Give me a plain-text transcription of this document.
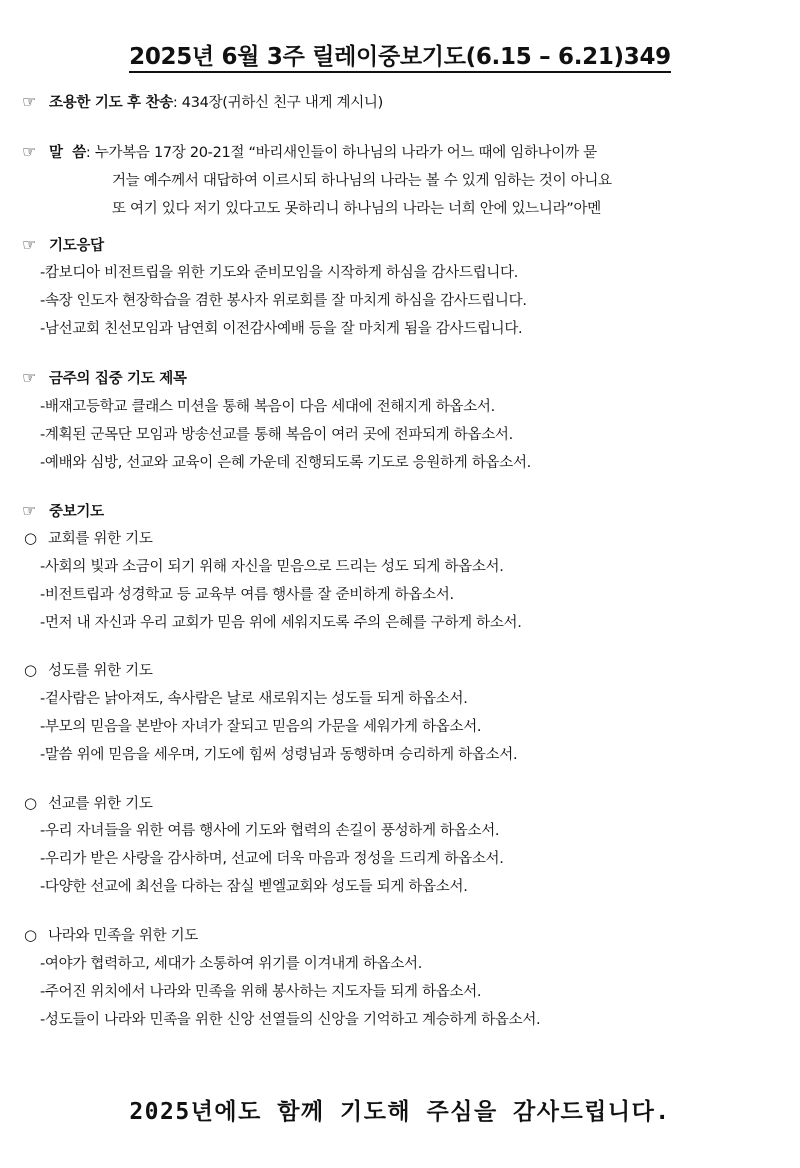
2025년 6월 3주 릴레이중보기도(6.15 – 6.21)349
☞ 조용한 기도 후 찬송: 434장(귀하신 친구 내게 계시니)
☞ 말  씀: 누가복음 17장 20-21절 “바리새인들이 하나님의 나라가 어느 때에 임하나이까 묻
거늘 예수께서 대답하여 이르시되 하나님의 나라는 볼 수 있게 임하는 것이 아니요
또 여기 있다 저기 있다고도 못하리니 하나님의 나라는 너희 안에 있느니라”아멘
☞ 기도응답
-캄보디아 비전트립을 위한 기도와 준비모임을 시작하게 하심을 감사드립니다.
-속장 인도자 현장학습을 겸한 봉사자 위로회를 잘 마치게 하심을 감사드립니다.
-남선교회 친선모임과 남연회 이전감사예배 등을 잘 마치게 됨을 감사드립니다.
☞ 금주의 집중 기도 제목
-배재고등학교 클래스 미션을 통해 복음이 다음 세대에 전해지게 하옵소서.
-계획된 군목단 모임과 방송선교를 통해 복음이 여러 곳에 전파되게 하옵소서.
-예배와 심방, 선교와 교육이 은혜 가운데 진행되도록 기도로 응원하게 하옵소서.
☞ 중보기도
○ 교회를 위한 기도
-사회의 빛과 소금이 되기 위해 자신을 믿음으로 드리는 성도 되게 하옵소서.
-비전트립과 성경학교 등 교육부 여름 행사를 잘 준비하게 하옵소서.
-먼저 내 자신과 우리 교회가 믿음 위에 세워지도록 주의 은혜를 구하게 하소서.
○ 성도를 위한 기도
-겉사람은 낡아져도, 속사람은 날로 새로워지는 성도들 되게 하옵소서.
-부모의 믿음을 본받아 자녀가 잘되고 믿음의 가문을 세워가게 하옵소서.
-말씀 위에 믿음을 세우며, 기도에 힘써 성령님과 동행하며 승리하게 하옵소서.
○ 선교를 위한 기도
-우리 자녀들을 위한 여름 행사에 기도와 협력의 손길이 풍성하게 하옵소서.
-우리가 받은 사랑을 감사하며, 선교에 더욱 마음과 정성을 드리게 하옵소서.
-다양한 선교에 최선을 다하는 잠실 벧엘교회와 성도들 되게 하옵소서.
○ 나라와 민족을 위한 기도
-여야가 협력하고, 세대가 소통하여 위기를 이겨내게 하옵소서.
-주어진 위치에서 나라와 민족을 위해 봉사하는 지도자들 되게 하옵소서.
-성도들이 나라와 민족을 위한 신앙 선열들의 신앙을 기억하고 계승하게 하옵소서.
2025년에도 함께 기도해 주심을 감사드립니다.
